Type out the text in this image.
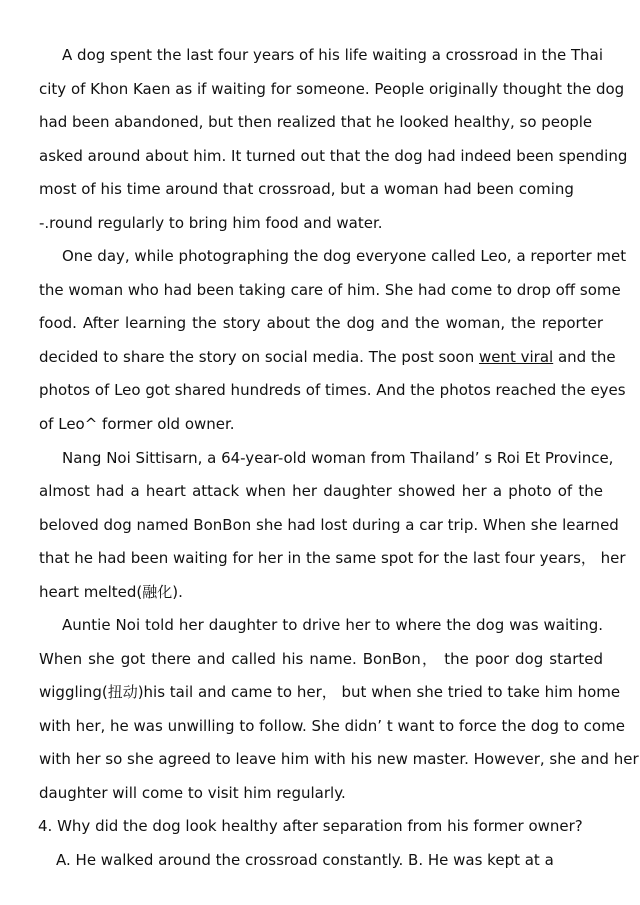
A dog spent the last four years of his life waiting a crossroad in the Thai
city of Khon Kaen as if waiting for someone. People originally thought the dog
had been abandoned, but then realized that he looked healthy, so people
asked around about him. It turned out that the dog had indeed been spending
most of his time around that crossroad, but a woman had been coming
-.round regularly to bring him food and water.
One day, while photographing the dog everyone called Leo, a reporter met
the woman who had been taking care of him. She had come to drop off some
food. After learning the story about the dog and the woman, the reporter
decided to share the story on social media. The post soon went viral and the
photos of Leo got shared hundreds of times. And the photos reached the eyes
of Leo^ former old owner.
Nang Noi Sittisarn, a 64-year-old woman from Thailand’ s Roi Et Province,
almost had a heart attack when her daughter showed her a photo of the
beloved dog named BonBon she had lost during a car trip. When she learned
that he had been waiting for her in the same spot for the last four years， her
heart melted(融化).
Auntie Noi told her daughter to drive her to where the dog was waiting.
When she got there and called his name. BonBon， the poor dog started
wiggling(扭动)his tail and came to her， but when she tried to take him home
with her, he was unwilling to follow. She didn’ t want to force the dog to come
with her so she agreed to leave him with his new master. However, she and her
daughter will come to visit him regularly.
4. Why did the dog look healthy after separation from his former owner?
A. He walked around the crossroad constantly. B. He was kept at a
